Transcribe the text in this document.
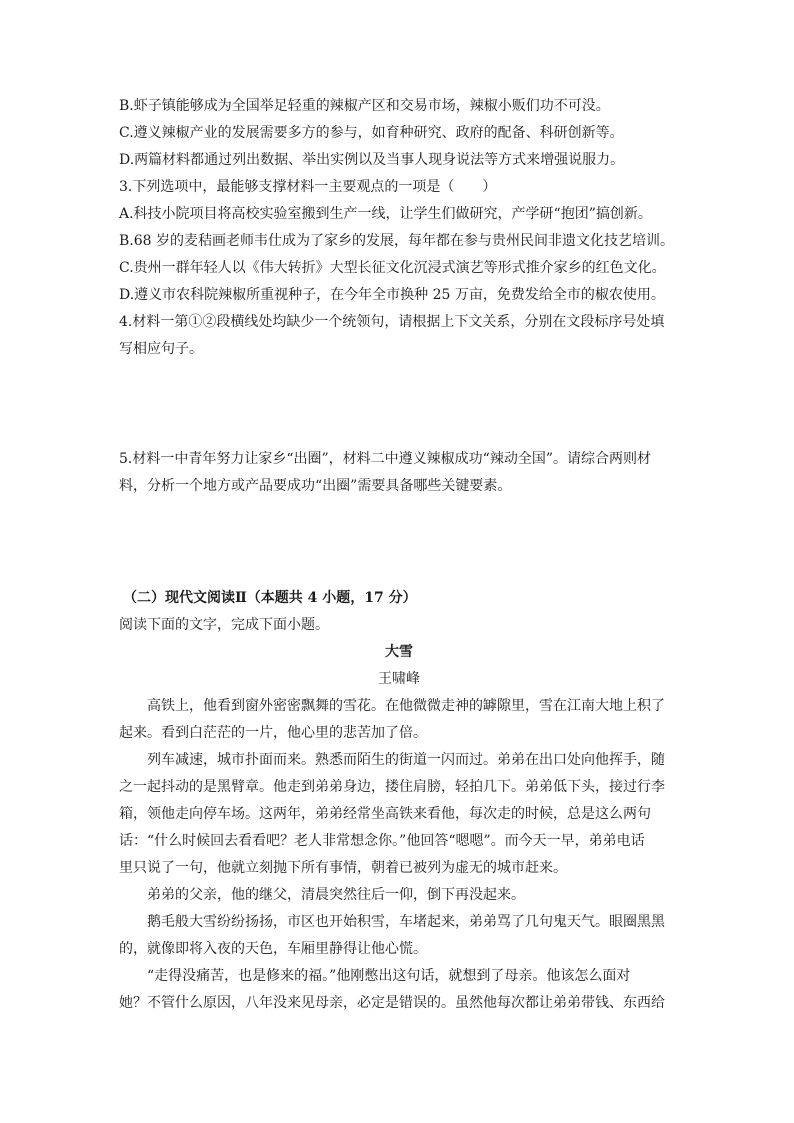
B.虾子镇能够成为全国举足轻重的辣椒产区和交易市场，辣椒小贩们功不可没。
C.遵义辣椒产业的发展需要多方的参与，如育种研究、政府的配备、科研创新等。
D.两篇材料都通过列出数据、举出实例以及当事人现身说法等方式来增强说服力。
3.下列选项中，最能够支撑材料一主要观点的一项是（　　）
A.科技小院项目将高校实验室搬到生产一线，让学生们做研究，产学研“抱团”搞创新。
B.68 岁的麦秸画老师韦仕成为了家乡的发展，每年都在参与贵州民间非遗文化技艺培训。
C.贵州一群年轻人以《伟大转折》大型长征文化沉浸式演艺等形式推介家乡的红色文化。
D.遵义市农科院辣椒所重视种子，在今年全市换种 25 万亩，免费发给全市的椒农使用。
4.材料一第①②段横线处均缺少一个统领句，请根据上下文关系，分别在文段标序号处填
写相应句子。
5.材料一中青年努力让家乡“出圈”，材料二中遵义辣椒成功“辣动全国”。请综合两则材
料，分析一个地方或产品要成功“出圈”需要具备哪些关键要素。
（二）现代文阅读Ⅱ（本题共 4 小题，17 分）
阅读下面的文字，完成下面小题。
大雪
王啸峰
高铁上，他看到窗外密密飘舞的雪花。在他微微走神的罅隙里，雪在江南大地上积了
起来。看到白茫茫的一片，他心里的悲苦加了倍。
列车减速，城市扑面而来。熟悉而陌生的街道一闪而过。弟弟在出口处向他挥手，随
之一起抖动的是黑臂章。他走到弟弟身边，搂住肩膀，轻拍几下。弟弟低下头，接过行李
箱，领他走向停车场。这两年，弟弟经常坐高铁来看他，每次走的时候，总是这么两句
话：“什么时候回去看看吧？老人非常想念你。”他回答“嗯嗯”。而今天一早，弟弟电话
里只说了一句，他就立刻抛下所有事情，朝着已被列为虚无的城市赶来。
弟弟的父亲，他的继父，清晨突然往后一仰，倒下再没起来。
鹅毛般大雪纷纷扬扬，市区也开始积雪，车堵起来，弟弟骂了几句鬼天气。眼圈黑黑
的，就像即将入夜的天色，车厢里静得让他心慌。
“走得没痛苦，也是修来的福。”他刚憋出这句话，就想到了母亲。他该怎么面对
她？不管什么原因，八年没来见母亲，必定是错误的。虽然他每次都让弟弟带钱、东西给
